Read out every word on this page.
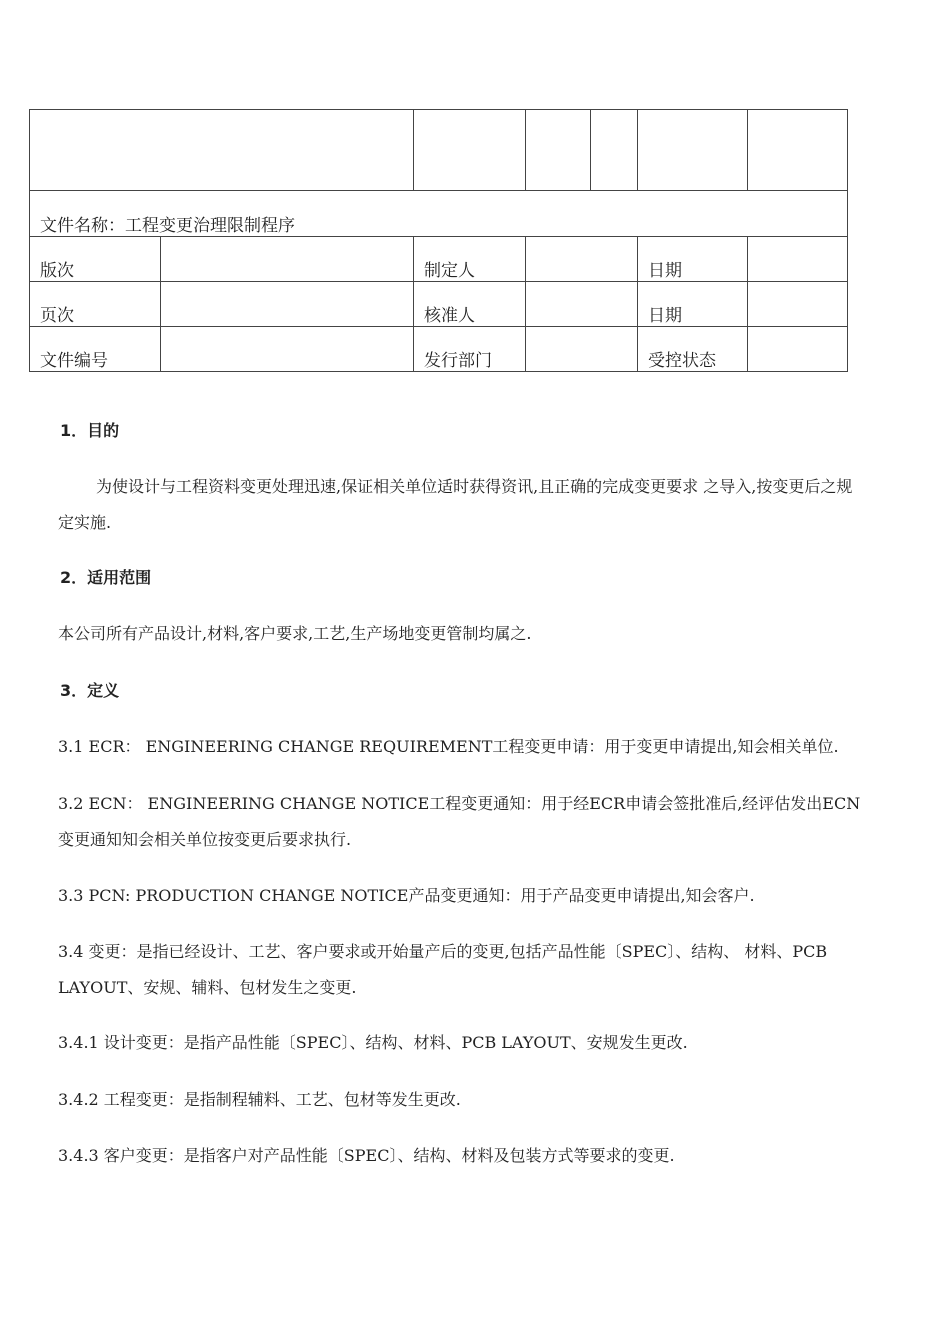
文件名称：工程变更治理限制程序						

版次		制定人			日期	

页次		核准人			日期	

文件编号		发行部门			受控状态	

1．目的
为使设计与工程资料变更处理迅速,保证相关单位适时获得资讯,且正确的完成变更要求 之导入,按变更后之规定实施.
2．适用范围
本公司所有产品设计,材料,客户要求,工艺,生产场地变更管制均属之.
3．定义
3.1 ECR： ENGINEERING CHANGE REQUIREMENT工程变更申请：用于变更申请提出,知会相关单位.
3.2 ECN： ENGINEERING CHANGE NOTICE工程变更通知：用于经ECR申请会签批准后,经评估发出ECN变更通知知会相关单位按变更后要求执行.
3.3 PCN: PRODUCTION CHANGE NOTICE产品变更通知：用于产品变更申请提出,知会客户.
3.4 变更：是指已经设计、工艺、客户要求或开始量产后的变更,包括产品性能〔SPEC〕、结构、 材料、PCB LAYOUT、安规、辅料、包材发生之变更.
3.4.1 设计变更：是指产品性能〔SPEC〕、结构、材料、PCB LAYOUT、安规发生更改.
3.4.2 工程变更：是指制程辅料、工艺、包材等发生更改.
3.4.3 客户变更：是指客户对产品性能〔SPEC〕、结构、材料及包装方式等要求的变更.
